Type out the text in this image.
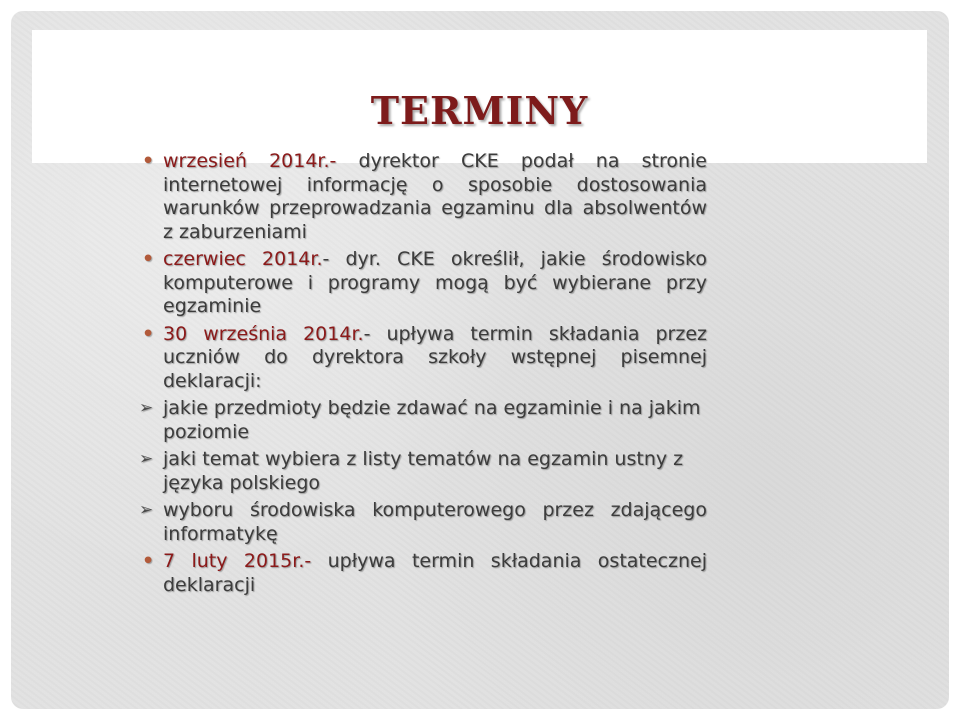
TERMINY
• wrzesień 2014r.- dyrektor CKE podał na stronie internetowej informację o sposobie dostosowania warunków przeprowadzania egzaminu dla absolwentów z zaburzeniami
• czerwiec 2014r.- dyr. CKE określił, jakie środowisko komputerowe i programy mogą być wybierane przy egzaminie
• 30 września 2014r.- upływa termin składania przez uczniów do dyrektora szkoły wstępnej pisemnej deklaracji:
➢ jakie przedmioty będzie zdawać na egzaminie i na jakim poziomie
➢ jaki temat wybiera z listy tematów na egzamin ustny z języka polskiego
➢ wyboru środowiska komputerowego przez zdającego informatykę
• 7 luty 2015r.- upływa termin składania ostatecznej deklaracji
